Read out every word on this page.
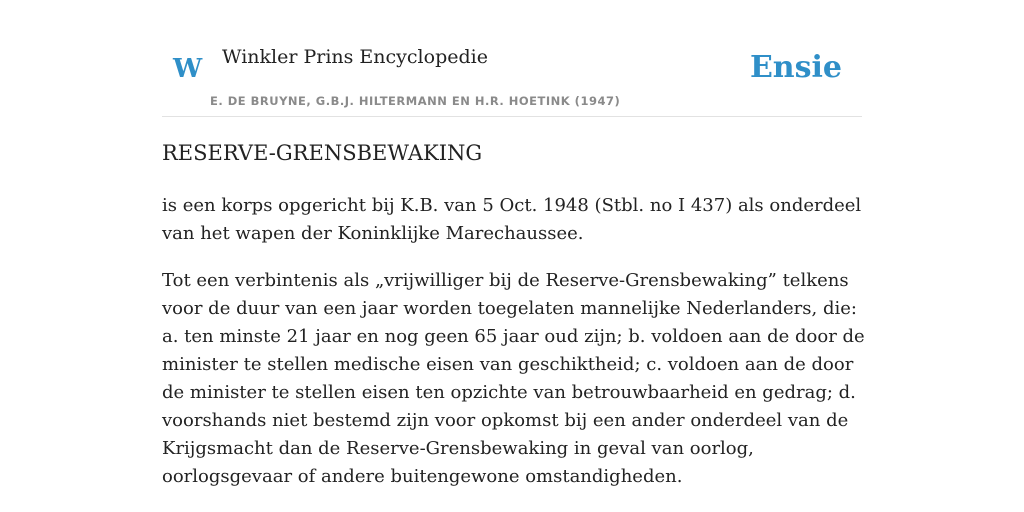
W Winkler Prins Encyclopedie
E. DE BRUYNE, G.B.J. HILTERMANN EN H.R. HOETINK (1947)
Ensie
RESERVE-GRENSBEWAKING

is een korps opgericht bij K.B. van 5 Oct. 1948 (Stbl. no I 437) als onderdeel van het wapen der Koninklijke Marechaussee.

Tot een verbintenis als „vrijwilliger bij de Reserve-Grensbewaking” telkens voor de duur van een jaar worden toegelaten mannelijke Nederlanders, die: a. ten minste 21 jaar en nog geen 65 jaar oud zijn; b. voldoen aan de door de minister te stellen medische eisen van geschiktheid; c. voldoen aan de door de minister te stellen eisen ten opzichte van betrouwbaarheid en gedrag; d. voorshands niet bestemd zijn voor opkomst bij een ander onderdeel van de Krijgsmacht dan de Reserve-Grensbewaking in geval van oorlog, oorlogsgevaar of andere buitengewone omstandigheden.
